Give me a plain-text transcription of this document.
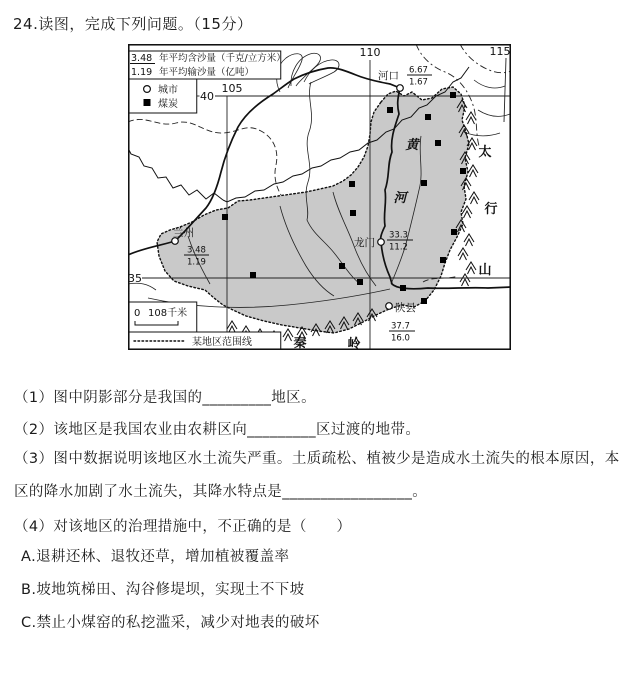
24.读图，完成下列问题。（15分）
河口 6.67
1.67
兰州
3.48
1.19
龙门
33.3
11.2
陕县
37.7
16.0
黄
河
太
行
山
秦	岭
110	115
105
40
35
3.48
1.19
年平均含沙量（千克/立方米）
年平均输沙量（亿吨）
城市
煤炭
0 108千米
某地区范围线
（1）图中阴影部分是我国的_________地区。
（2）该地区是我国农业由农耕区向_________区过渡的地带。
（3）图中数据说明该地区水土流失严重。土质疏松、植被少是造成水土流失的根本原因，本区的降水加剧了水土流失，其降水特点是_________________。
（4）对该地区的治理措施中，不正确的是（　　）
A.退耕还林、退牧还草，增加植被覆盖率
B.坡地筑梯田、沟谷修堤坝，实现土不下坡
C.禁止小煤窑的私挖滥采，减少对地表的破坏
